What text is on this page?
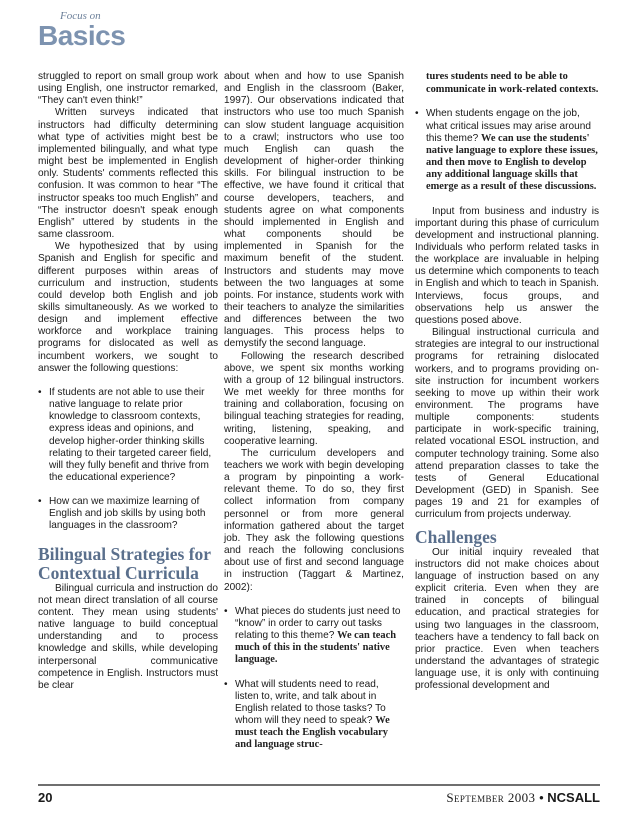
Focus on
Basics

struggled to report on small group work using English, one instructor remarked, “They can't even think!”

Written surveys indicated that instructors had difficulty determining what type of activities might best be implemented bilingually, and what type might best be implemented in English only. Students' comments reflected this confusion. It was common to hear “The instructor speaks too much English” and “The instructor doesn't speak enough English” uttered by students in the same classroom.

We hypothesized that by using Spanish and English for specific and different purposes within areas of curriculum and instruction, students could develop both English and job skills simultaneously. As we worked to design and implement effective workforce and workplace training programs for dislocated as well as incumbent workers, we sought to answer the following questions:

• If students are not able to use their native language to relate prior knowledge to classroom contexts, express ideas and opinions, and develop higher-order thinking skills relating to their targeted career field, will they fully benefit and thrive from the educational experience?
• How can we maximize learning of English and job skills by using both languages in the classroom?
Bilingual Strategies for Contextual Curricula

Bilingual curricula and instruction do not mean direct translation of all course content. They mean using students' native language to build conceptual understanding and to process knowledge and skills, while developing interpersonal communicative competence in English. Instructors must be clear

about when and how to use Spanish and English in the classroom (Baker, 1997). Our observations indicated that instructors who use too much Spanish can slow student language acquisition to a crawl; instructors who use too much English can quash the development of higher-order thinking skills. For bilingual instruction to be effective, we have found it critical that course developers, teachers, and students agree on what components should implemented in English and what components should be implemented in Spanish for the maximum benefit of the student. Instructors and students may move between the two languages at some points. For instance, students work with their teachers to analyze the similarities and differences between the two languages. This process helps to demystify the second language.

Following the research described above, we spent six months working with a group of 12 bilingual instructors. We met weekly for three months for training and collaboration, focusing on bilingual teaching strategies for reading, writing, listening, speaking, and cooperative learning.

The curriculum developers and teachers we work with begin developing a program by pinpointing a work-relevant theme. To do so, they first collect information from company personnel or from more general information gathered about the target job. They ask the following questions and reach the following conclusions about use of first and second language in instruction (Taggart & Martinez, 2002):

• What pieces do students just need to “know” in order to carry out tasks relating to this theme? We can teach much of this in the students' native language.
• What will students need to read, listen to, write, and talk about in English related to those tasks? To whom will they need to speak? We must teach the English vocabulary and language struc-

tures students need to be able to communicate in work-related contexts.

• When students engage on the job, what critical issues may arise around this theme? We can use the students' native language to explore these issues, and then move to English to develop any additional language skills that emerge as a result of these discussions.

Input from business and industry is important during this phase of curriculum development and instructional planning. Individuals who perform related tasks in the workplace are invaluable in helping us determine which components to teach in English and which to teach in Spanish. Interviews, focus groups, and observations help us answer the questions posed above.

Bilingual instructional curricula and strategies are integral to our instructional programs for retraining dislocated workers, and to programs providing on-site instruction for incumbent workers seeking to move up within their work environment. The programs have multiple components: students participate in work-specific training, related vocational ESOL instruction, and computer technology training. Some also attend preparation classes to take the tests of General Educational Development (GED) in Spanish. See pages 19 and 21 for examples of curriculum from projects underway.

Challenges

Our initial inquiry revealed that instructors did not make choices about language of instruction based on any explicit criteria. Even when they are trained in concepts of bilingual education, and practical strategies for using two languages in the classroom, teachers have a tendency to fall back on prior practice. Even when teachers understand the advantages of strategic language use, it is only with continuing professional development and

20	September 2003 • NCSALL
